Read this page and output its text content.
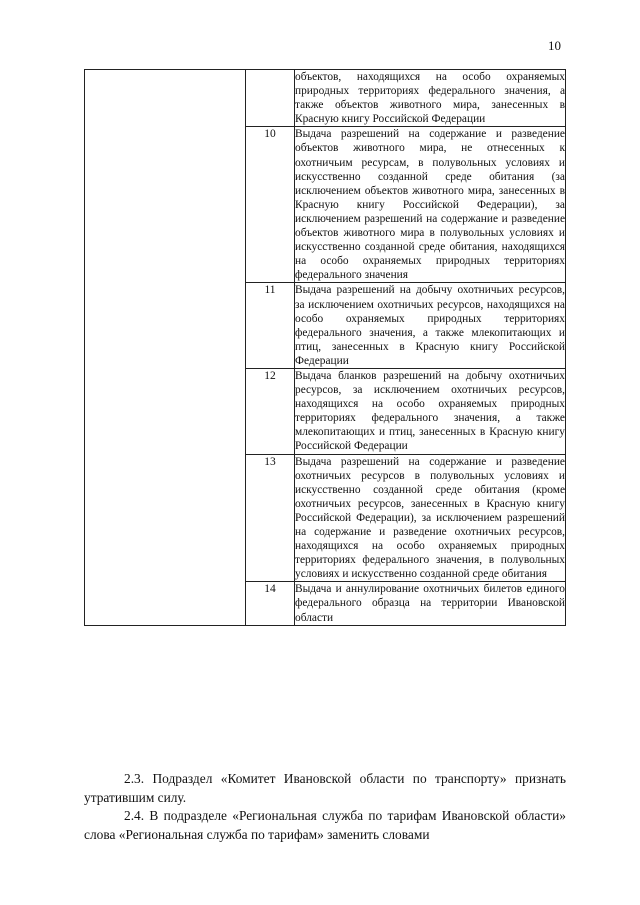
10
		объектов, находящихся на особо охраняемых природных территориях федерального значения, а также объектов животного мира, занесенных в Красную книгу Российской Федерации
	10	Выдача разрешений на содержание и разведение объектов животного мира, не отнесенных к охотничьим ресурсам, в полувольных условиях и искусственно созданной среде обитания (за исключением объектов животного мира, занесенных в Красную книгу Российской Федерации), за исключением разрешений на содержание и разведение объектов животного мира в полувольных условиях и искусственно созданной среде обитания, находящихся на особо охраняемых природных территориях федерального значения
	11	Выдача разрешений на добычу охотничьих ресурсов, за исключением охотничьих ресурсов, находящихся на особо охраняемых природных территориях федерального значения, а также млекопитающих и птиц, занесенных в Красную книгу Российской Федерации
	12	Выдача бланков разрешений на добычу охотничьих ресурсов, за исключением охотничьих ресурсов, находящихся на особо охраняемых природных территориях федерального значения, а также млекопитающих и птиц, занесенных в Красную книгу Российской Федерации
	13	Выдача разрешений на содержание и разведение охотничьих ресурсов в полувольных условиях и искусственно созданной среде обитания (кроме охотничьих ресурсов, занесенных в Красную книгу Российской Федерации), за исключением разрешений на содержание и разведение охотничьих ресурсов, находящихся на особо охраняемых природных территориях федерального значения, в полувольных условиях и искусственно созданной среде обитания
	14	Выдача и аннулирование охотничьих билетов единого федерального образца на территории Ивановской области
2.3. Подраздел «Комитет Ивановской области по транспорту» признать утратившим силу.
2.4. В подразделе «Региональная служба по тарифам Ивановской области» слова «Региональная служба по тарифам» заменить словами
